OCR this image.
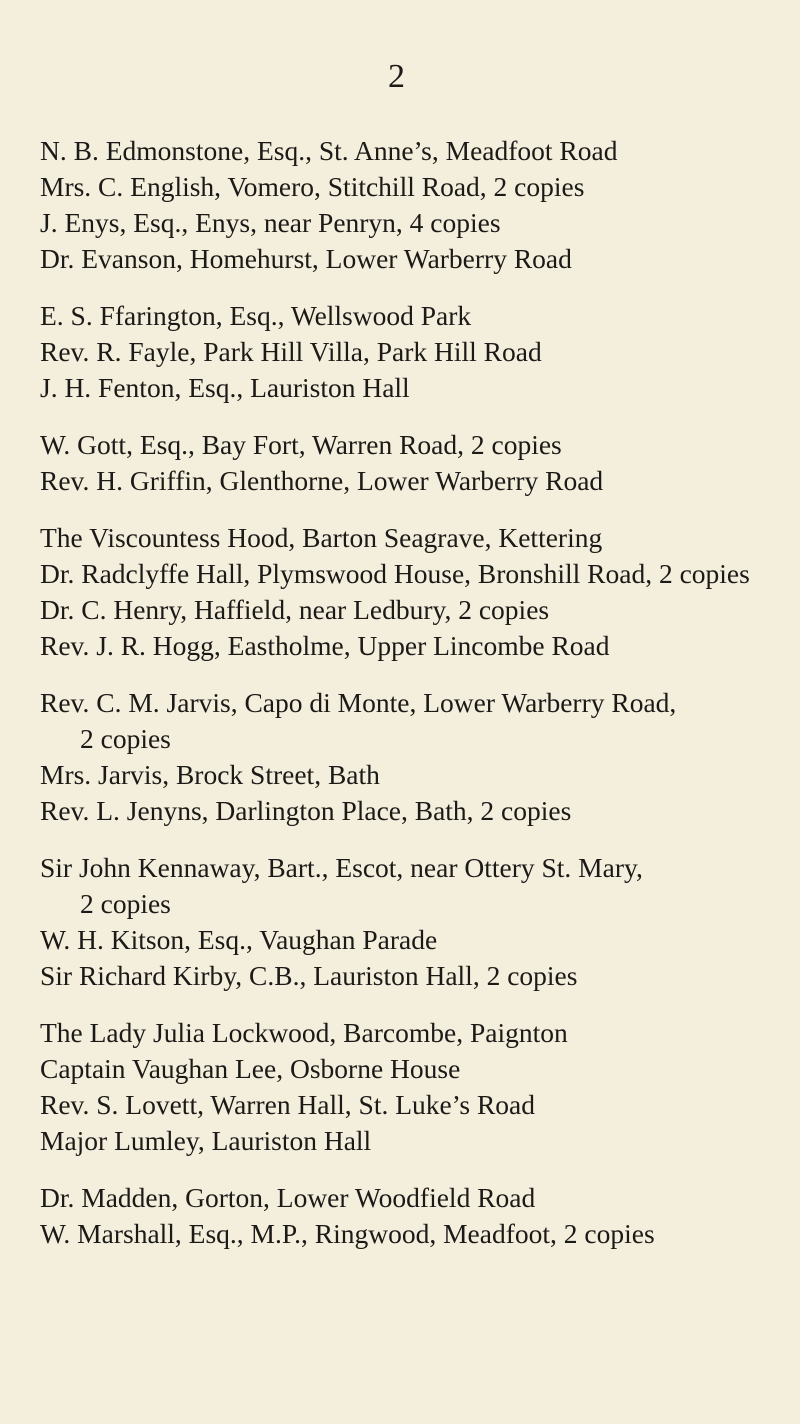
2
N. B. Edmonstone, Esq., St. Anne’s, Meadfoot Road
Mrs. C. English, Vomero, Stitchill Road, 2 copies
J. Enys, Esq., Enys, near Penryn, 4 copies
Dr. Evanson, Homehurst, Lower Warberry Road
E. S. Ffarington, Esq., Wellswood Park
Rev. R. Fayle, Park Hill Villa, Park Hill Road
J. H. Fenton, Esq., Lauriston Hall
W. Gott, Esq., Bay Fort, Warren Road, 2 copies
Rev. H. Griffin, Glenthorne, Lower Warberry Road
The Viscountess Hood, Barton Seagrave, Kettering
Dr. Radclyffe Hall, Plymswood House, Bronshill Road, 2 copies
Dr. C. Henry, Haffield, near Ledbury, 2 copies
Rev. J. R. Hogg, Eastholme, Upper Lincombe Road
Rev. C. M. Jarvis, Capo di Monte, Lower Warberry Road,
2 copies
Mrs. Jarvis, Brock Street, Bath
Rev. L. Jenyns, Darlington Place, Bath, 2 copies
Sir John Kennaway, Bart., Escot, near Ottery St. Mary,
2 copies
W. H. Kitson, Esq., Vaughan Parade
Sir Richard Kirby, C.B., Lauriston Hall, 2 copies
The Lady Julia Lockwood, Barcombe, Paignton
Captain Vaughan Lee, Osborne House
Rev. S. Lovett, Warren Hall, St. Luke’s Road
Major Lumley, Lauriston Hall
Dr. Madden, Gorton, Lower Woodfield Road
W. Marshall, Esq., M.P., Ringwood, Meadfoot, 2 copies
